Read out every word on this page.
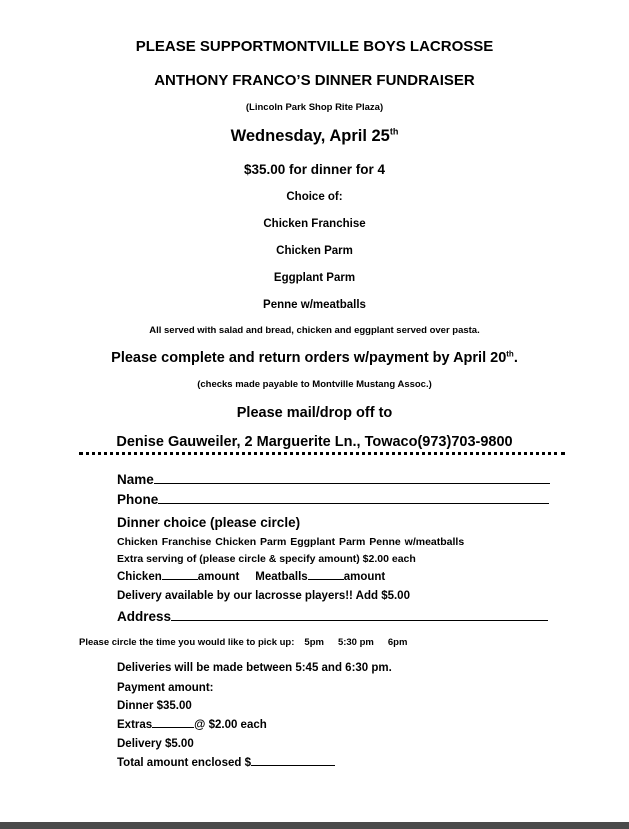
PLEASE SUPPORTMONTVILLE BOYS LACROSSE
ANTHONY FRANCO’S DINNER FUNDRAISER
(Lincoln Park Shop Rite Plaza)
Wednesday, April 25th
$35.00 for dinner for 4
Choice of:
Chicken Franchise
Chicken Parm
Eggplant Parm
Penne w/meatballs
All served with salad and bread, chicken and eggplant served over pasta.
Please complete and return orders w/payment by April 20th.
(checks made payable to Montville Mustang Assoc.)
Please mail/drop off to
Denise Gauweiler, 2 Marguerite Ln., Towaco(973)703-9800
Name
Phone
Dinner choice (please circle)
Chicken Franchise Chicken Parm Eggplant Parm Penne w/meatballs
Extra serving of (please circle & specify amount) $2.00 each
Chicken	amount Meatballs	amount
Delivery available by our lacrosse players!! Add $5.00
Address
Please circle the time you would like to pick up: 5pm 5:30 pm 6pm
Deliveries will be made between 5:45 and 6:30 pm.
Payment amount:
Dinner $35.00
Extras	@ $2.00 each
Delivery $5.00
Total amount enclosed $
